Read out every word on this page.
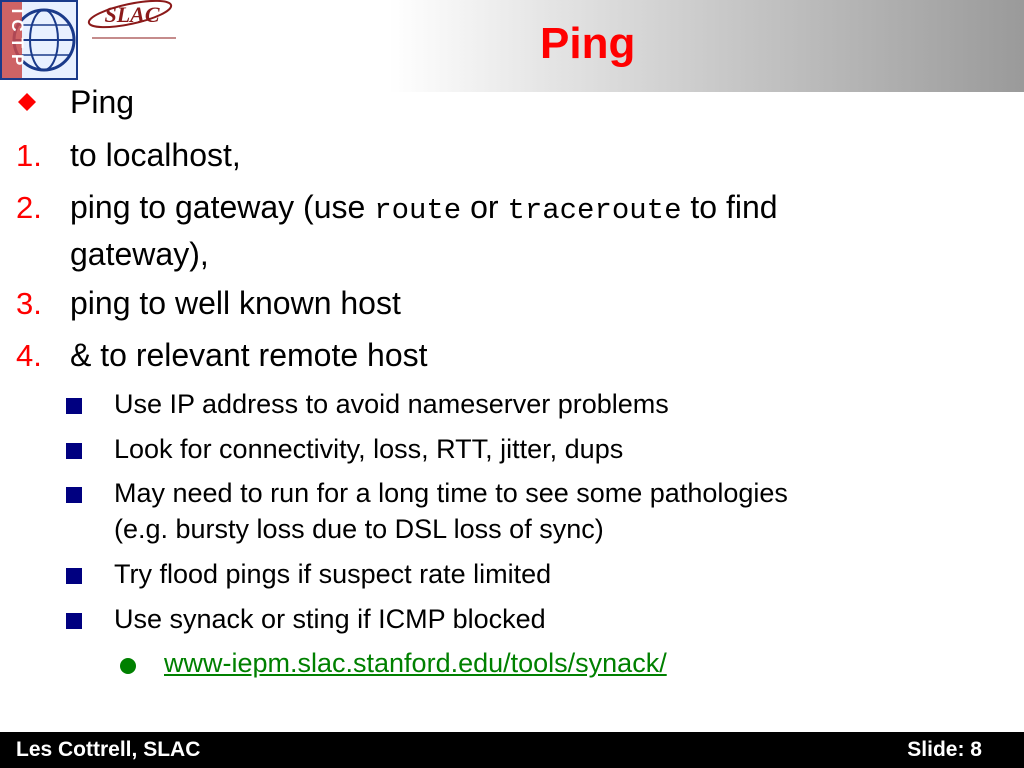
ICTP	SLAC
Ping
Ping
1. to localhost,
2. ping to gateway (use route or traceroute to find
gateway),
3. ping to well known host
4. & to relevant remote host
Use IP address to avoid nameserver problems
Look for connectivity, loss, RTT, jitter, dups
May need to run for a long time to see some pathologies
(e.g. bursty loss due to DSL loss of sync)
Try flood pings if suspect rate limited
Use synack or sting if ICMP blocked
www-iepm.slac.stanford.edu/tools/synack/
Les Cottrell, SLAC	Slide: 8
